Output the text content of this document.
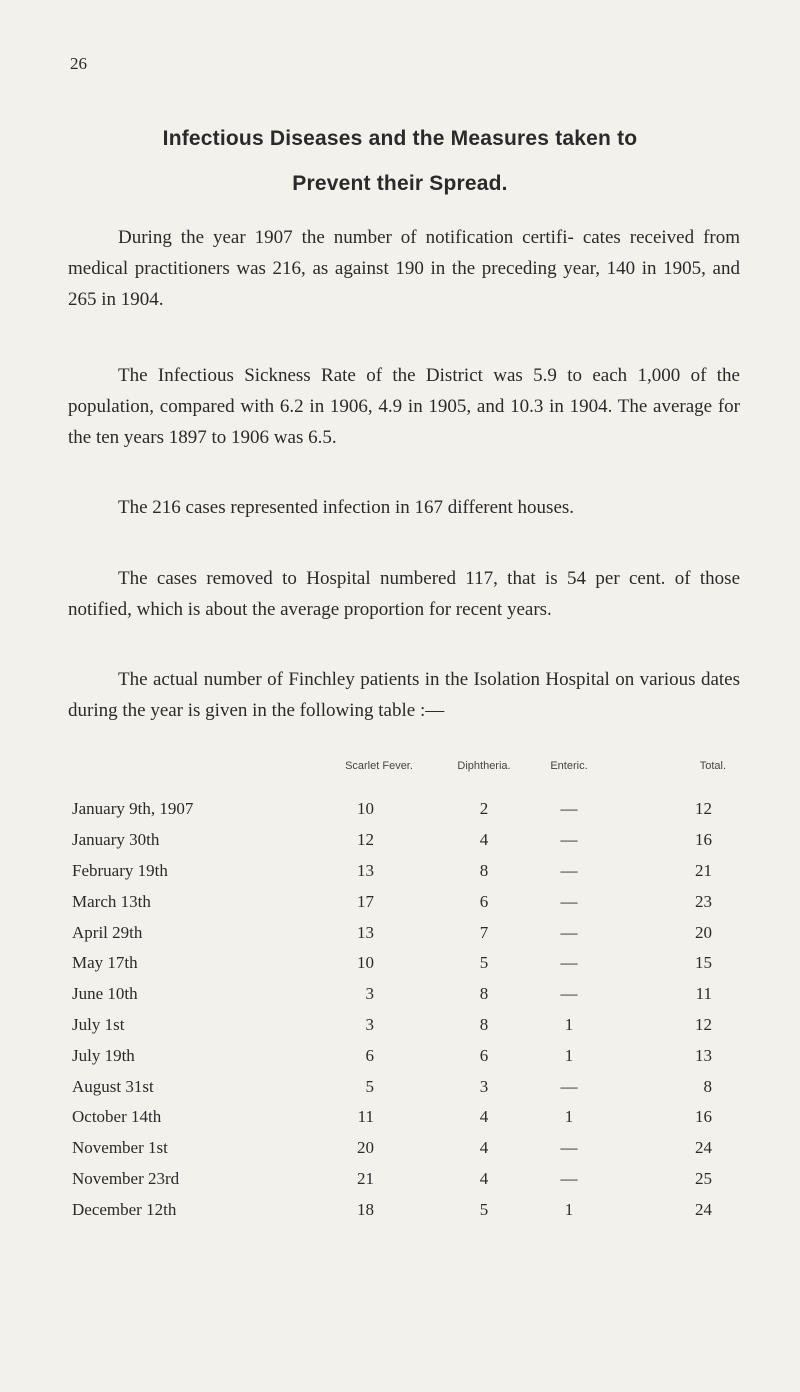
26
Infectious Diseases and the Measures taken to
Prevent their Spread.
During the year 1907 the number of notification certifi- cates received from medical practitioners was 216, as against 190 in the preceding year, 140 in 1905, and 265 in 1904.
The Infectious Sickness Rate of the District was 5.9 to each 1,000 of the population, compared with 6.2 in 1906, 4.9 in 1905, and 10.3 in 1904. The average for the ten years 1897 to 1906 was 6.5.
The 216 cases represented infection in 167 different houses.
The cases removed to Hospital numbered 117, that is 54 per cent. of those notified, which is about the average proportion for recent years.
The actual number of Finchley patients in the Isolation Hospital on various dates during the year is given in the following table :—
	Scarlet Fever.	Diphtheria.	Enteric.	Total.
January 9th, 1907	10	2	—	12
January 30th	12	4	—	16
February 19th	13	8	—	21
March 13th	17	6	—	23
April 29th	13	7	—	20
May 17th	10	5	—	15
June 10th	3	8	—	11
July 1st	3	8	1	12
July 19th	6	6	1	13
August 31st	5	3	—	8
October 14th	11	4	1	16
November 1st	20	4	—	24
November 23rd	21	4	—	25
December 12th	18	5	1	24
